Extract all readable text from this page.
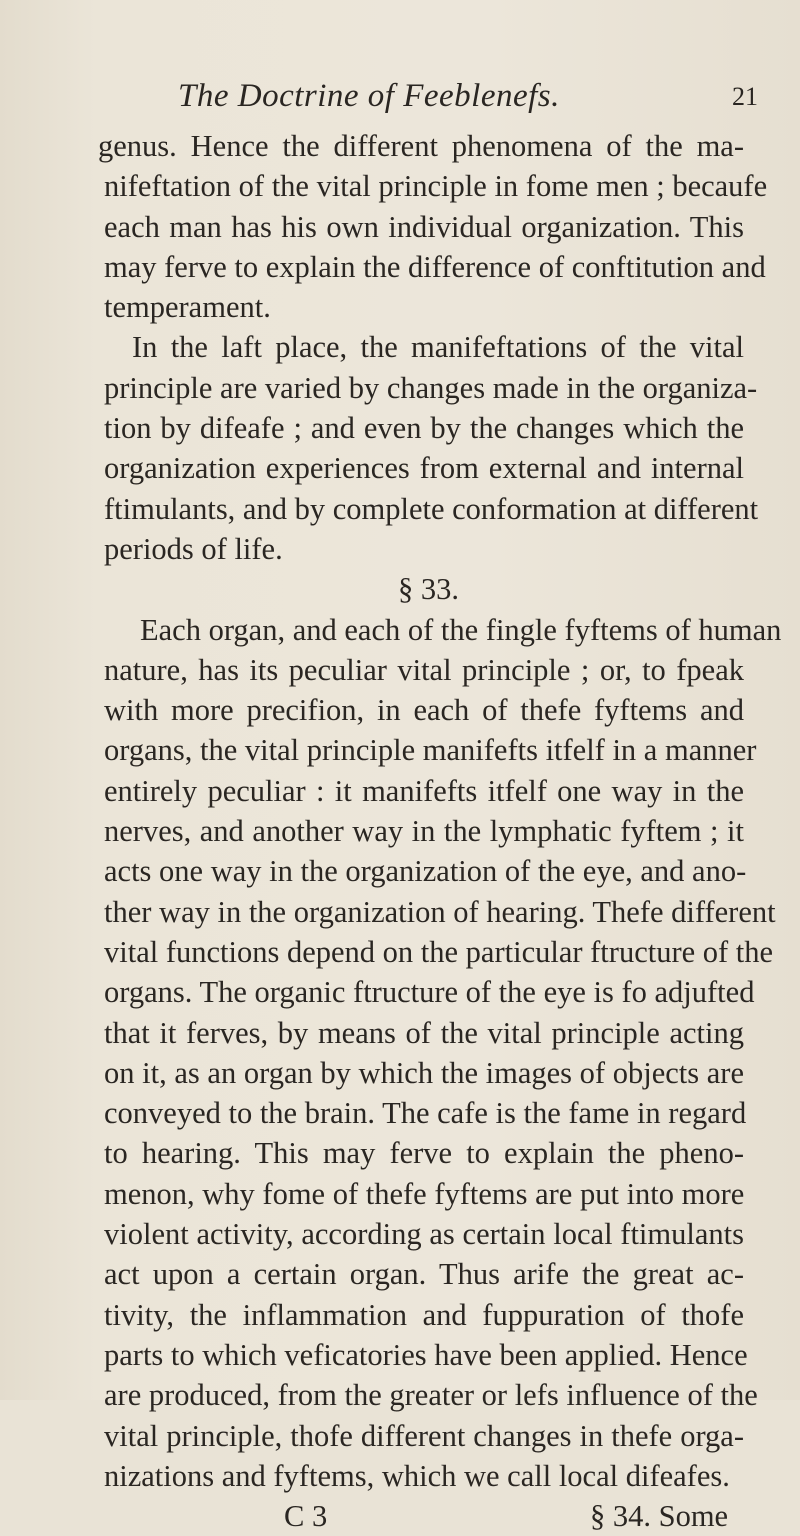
The Doctrine of Feeblenefs.	21
genus. Hence the different phenomena of the ma-
nifeftation of the vital principle in fome men ; becaufe
each man has his own individual organization. This
may ferve to explain the difference of conftitution and
temperament.
In the laft place, the manifeftations of the vital
principle are varied by changes made in the organiza-
tion by difeafe ; and even by the changes which the
organization experiences from external and internal
ftimulants, and by complete conformation at different
periods of life.
§ 33.
Each organ, and each of the fingle fyftems of human
nature, has its peculiar vital principle ; or, to fpeak
with more precifion, in each of thefe fyftems and
organs, the vital principle manifefts itfelf in a manner
entirely peculiar : it manifefts itfelf one way in the
nerves, and another way in the lymphatic fyftem ; it
acts one way in the organization of the eye, and ano-
ther way in the organization of hearing. Thefe different
vital functions depend on the particular ftructure of the
organs. The organic ftructure of the eye is fo adjufted
that it ferves, by means of the vital principle acting
on it, as an organ by which the images of objects are
conveyed to the brain. The cafe is the fame in regard
to hearing. This may ferve to explain the pheno-
menon, why fome of thefe fyftems are put into more
violent activity, according as certain local ftimulants
act upon a certain organ. Thus arife the great ac-
tivity, the inflammation and fuppuration of thofe
parts to which veficatories have been applied. Hence
are produced, from the greater or lefs influence of the
vital principle, thofe different changes in thefe orga-
nizations and fyftems, which we call local difeafes.
C 3	§ 34. Some
